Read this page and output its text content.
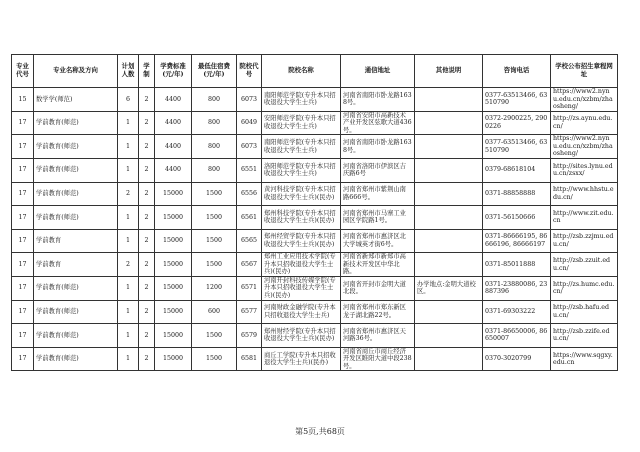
专业代号	专业名称及方向	计划人数	学制	学费标准(元/年)	最低住宿费(元/年)	院校代号	院校名称	通信地址	其他说明	咨询电话	学校公布招生章程网址
15	数学学(师范)	6	2	4400	800	6073	南阳师范学院(专升本只招收退役大学生士兵)	河南省南阳市卧龙路1638号。		0377-63513466, 63510790	https://www2.nynu.edu.cn/xzbm/zhaosheng/
17	学前教育(师范)	1	2	4400	800	6049	安阳师范学院(专升本只招收退役大学生士兵)	河南省安阳市高新技术产业开发区弦歌大道436号。		0372-2900225, 2900226	http://zs.aynu.edu.cn/
17	学前教育(师范)	1	2	4400	800	6073	南阳师范学院(专升本只招收退役大学生士兵)	河南省南阳市卧龙路1638号。		0377-63513466, 63510790	https://www2.nynu.edu.cn/xzbm/zhaosheng/
17	学前教育(师范)	1	2	4400	800	6551	洛阳师范学院(专升本只招收退役大学生士兵)	河南省洛阳市伊滨区吉庆路6号		0379-68618104	http://sites.lynu.edu.cn/zsxx/
17	学前教育(师范)	2	2	15000	1500	6556	黄河科技学院(专升本只招收退役大学生士兵)(民办)	河南省郑州市紫荆山南路666号。		0371-88858888	http://www.hhstu.edu.cn/
17	学前教育(师范)	1	2	15000	1500	6561	郑州科技学院(专升本只招收退役大学生士兵)(民办)	河南省郑州市马寨工业园区学院路1号。		0371-56150666	http://www.zit.edu.cn
17	学前教育	1	2	15000	1500	6565	郑州经贸学院(专升本只招收退役大学生士兵)(民办)	河南省郑州市惠济区北大学城英才街6号。		0371-86666195, 86666196, 86666197	http://zsb.zzjmu.edu.cn/
17	学前教育	2	2	15000	1500	6567	郑州工业应用技术学院(专升本只招收退役大学生士兵)(民办)	河南省新郑市新郑市高新技术开发区中华北路。		0371-85011888	http://zsb.zzuit.edu.cn/
17	学前教育(师范)	1	2	15000	1200	6571	河南开封科技传媒学院(专升本只招收退役大学生士兵)(民办)	河南省开封市金明大道北段。	办学地点:金明大道校区。	0371-23880086, 23887396	http://zs.humc.edu.cn/
17	学前教育(师范)	1	2	15000	600	6577	河南财政金融学院(专升本只招收退役大学生士兵)	河南省郑州市郑东新区龙子湖北路22号。		0371-69303222	http://zsb.hafu.edu.cn/
17	学前教育(师范)	1	2	15000	1500	6579	郑州财经学院(专升本只招收退役大学生士兵)(民办)	河南省郑州市惠济区天河路36号。		0371-86650006, 86650007	http://zsb.zzife.edu.cn/
17	学前教育(师范)	1	2	15000	1500	6581	商丘工学院(专升本只招收退役大学生士兵)(民办)	河南省商丘市商丘经济开发区睢阳大道中段238号。		0370-3020799	https://www.sqgxy.edu.cn
第5页,共68页
